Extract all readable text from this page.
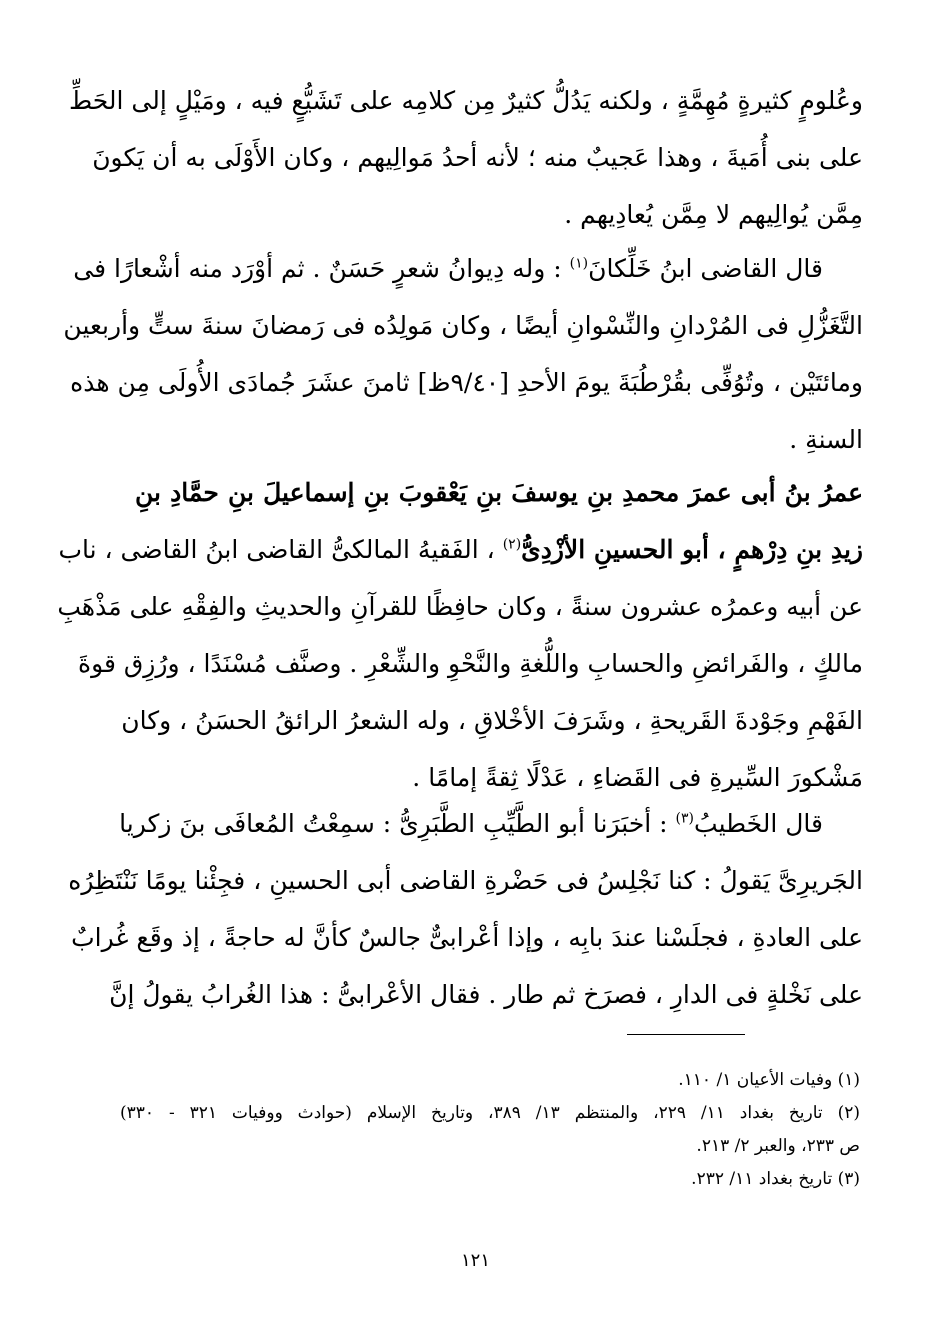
وعُلومٍ كثيرةٍ مُهِمَّةٍ ، ولكنه يَدُلُّ كثيرٌ مِن كلامِه على تَشَيُّعٍ فيه ، ومَيْلٍ إلى الحَطِّ
على بنى أُمَيةَ ، وهذا عَجيبٌ منه ؛ لأنه أحدُ مَوالِيهم ، وكان الأَوْلَى به أن يَكونَ
مِمَّن يُوالِيهم لا مِمَّن يُعادِيهم .

قال القاضى ابنُ خَلِّكانَ$^{(١)}$ : وله دِيوانُ شعرٍ حَسَنٌ . ثم أوْرَد منه أشْعارًا فى
التَّغَزُّلِ فى المُرْدانِ والنِّسْوانِ أيضًا ، وكان مَولِدُه فى رَمضانَ سنةَ ستٍّ وأربعين
ومائتَيْن ، وتُوُفِّى بقُرْطُبَةَ يومَ الأحدِ [٩/٤٠ظ] ثامنَ عشَرَ جُمادَى الأُولَى مِن هذه
السنةِ .

عمرُ بنُ أبى عمرَ محمدِ بنِ يوسفَ بنِ يَعْقوبَ بنِ إسماعيلَ بنِ حمَّادِ بنِ
زيدِ بنِ دِرْهمٍ ، أبو الحسينِ الأزْدِىُّ$^{(٢)}$ ، الفَقيهُ المالكىُّ القاضى ابنُ القاضى ، ناب
عن أبيه وعمرُه عشرون سنةً ، وكان حافِظًا للقرآنِ والحديثِ والفِقْهِ على مَذْهَبِ
مالكٍ ، والفَرائضِ والحسابِ واللُّغةِ والنَّحْوِ والشِّعْرِ . وصنَّف مُسْنَدًا ، ورُزِق قوةَ
الفَهْمِ وجَوْدةَ القَريحةِ ، وشَرَفَ الأخْلاقِ ، وله الشعرُ الرائقُ الحسَنُ ، وكان
مَشْكورَ السِّيرةِ فى القَضاءِ ، عَدْلًا ثِقةً إمامًا .

قال الخَطيبُ$^{(٣)}$ : أخبَرَنا أبو الطَّيِّبِ الطَّبَرِىُّ : سمِعْتُ المُعافَى بنَ زكريا
الجَريرِىَّ يَقولُ : كنا نَجْلِسُ فى حَضْرةِ القاضى أبى الحسينِ ، فجِئْنا يومًا نَنْتَظِرُه
على العادةِ ، فجلَسْنا عندَ بابِه ، وإذا أعْرابىٌّ جالسٌ كأنَّ له حاجةً ، إذ وقَع غُرابٌ
على نَخْلةٍ فى الدارِ ، فصرَخ ثم طار . فقال الأعْرابىُّ : هذا الغُرابُ يقولُ إنَّ

(١) وفيات الأعيان ١/ ١١٠.
(٢) تاريخ بغداد ١١/ ٢٢٩، والمنتظم ١٣/ ٣٨٩، وتاريخ الإسلام (حوادث ووفيات ٣٢١ - ٣٣٠)
ص ٢٣٣، والعبر ٢/ ٢١٣.
(٣) تاريخ بغداد ١١/ ٢٣٢.
١٢١
